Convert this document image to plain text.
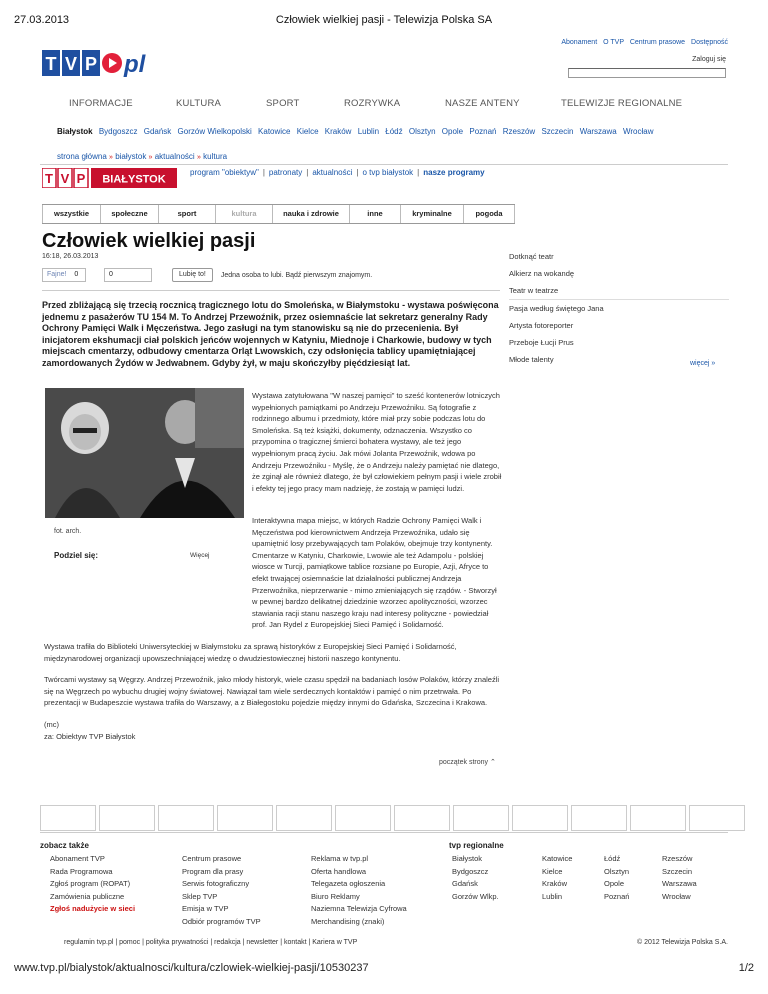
27.03.2013	Człowiek wielkiej pasji - Telewizja Polska SA
Abonament O TVP Centrum prasowe Dostępność
Zaloguj się
T V P pl
INFORMACJE	KULTURA	SPORT	ROZRYWKA	NASZE ANTENY	TELEWIZJE REGIONALNE
Białystok Bydgoszcz Gdańsk Gorzów Wielkopolski Katowice Kielce Kraków Lublin Łódź Olsztyn Opole Poznań Rzeszów Szczecin Warszawa Wrocław
strona główna » białystok » aktualności » kultura
T V P BIAŁYSTOK
program "obiektyw" | patronaty | aktualności | o tvp białystok | nasze programy
wszystkie	społeczne	sport	kultura	nauka i zdrowie	inne	kryminalne	pogoda
Człowiek wielkiej pasji
16:18, 26.03.2013
Fajne! 0	0	Lubię to!	Jedna osoba to lubi. Bądź pierwszym znajomym.
Przed zbliżającą się trzecią rocznicą tragicznego lotu do Smoleńska, w Białymstoku - wystawa poświęcona jednemu z pasażerów TU 154 M. To Andrzej Przewoźnik, przez osiemnaście lat sekretarz generalny Rady Ochrony Pamięci Walk i Męczeństwa. Jego zasługi na tym stanowisku są nie do przecenienia. Był inicjatorem ekshumacji ciał polskich jeńców wojennych w Katyniu, Miednoje i Charkowie, budowy w tych miejscach cmentarzy, odbudowy cmentarza Orląt Lwowskich, czy odsłonięcia tablicy upamiętniającej zamordowanych Żydów w Jedwabnem. Gdyby żył, w maju skończyłby pięćdziesiąt lat.
fot. arch.
Podziel się:	Więcej
Wystawa zatytułowana "W naszej pamięci" to sześć kontenerów lotniczych wypełnionych pamiątkami po Andrzeju Przewoźniku. Są fotografie z rodzinnego albumu i przedmioty, które miał przy sobie podczas lotu do Smoleńska. Są też książki, dokumenty, odznaczenia. Wszystko co przypomina o tragicznej śmierci bohatera wystawy, ale też jego wypełnionym pracą życiu. Jak mówi Jolanta Przewoźnik, wdowa po Andrzeju Przewoźniku - Myślę, że o Andrzeju należy pamiętać nie dlatego, że zginął ale również dlatego, że był człowiekiem pełnym pasji i wiele zrobił i efekty tej jego pracy mam nadzieję, że zostają w pamięci ludzi.
Interaktywna mapa miejsc, w których Radzie Ochrony Pamięci Walk i Męczeństwa pod kierownictwem Andrzeja Przewoźnika, udało się upamiętnić losy przebywających tam Polaków, obejmuje trzy kontynenty. Cmentarze w Katyniu, Charkowie, Lwowie ale też Adampolu - polskiej wiosce w Turcji, pamiątkowe tablice rozsiane po Europie, Azji, Afryce to efekt trwającej osiemnaście lat działalności publicznej Andrzeja Przerwoźnika, nieprzerwanie - mimo zmieniających się rządów. - Stworzył w pewnej bardzo delikatnej dziedzinie wzorzec apolityczności, wzorzec stawiania racji stanu naszego kraju nad interesy polityczne - powiedział prof. Jan Rydel z Europejskiej Sieci Pamięć i Solidarność.
Wystawa trafiła do Biblioteki Uniwersyteckiej w Białymstoku za sprawą historyków z Europejskiej Sieci Pamięć i Solidarność, międzynarodowej organizacji upowszechniającej wiedzę o dwudziestowiecznej historii naszego kontynentu.
Twórcami wystawy są Węgrzy. Andrzej Przewoźnik, jako młody historyk, wiele czasu spędził na badaniach losów Polaków, którzy znaleźli się na Węgrzech po wybuchu drugiej wojny światowej. Nawiązał tam wiele serdecznych kontaktów i pamięć o nim przetrwała. Po prezentacji w Budapeszcie wystawa trafiła do Warszawy, a z Białegostoku pojedzie między innymi do Gdańska, Szczecina i Krakowa.
(mc)
za: Obiektyw TVP Białystok
Dotknąć teatr
Alkierz na wokandę
Teatr w teatrze
Pasja według świętego Jana
Artysta fotoreporter
Przeboje Łucji Prus
Młode talenty	więcej »
początek strony ⌃
zobacz także	tvp regionalne
Abonament TVP
Rada Programowa
Zgłoś program (ROPAT)
Zamówienia publiczne
Zgłoś nadużycie w sieci
Centrum prasowe
Program dla prasy
Serwis fotograficzny
Sklep TVP
Emisja w TVP
Odbiór programów TVP
Reklama w tvp.pl
Oferta handlowa
Telegazeta ogłoszenia
Biuro Reklamy
Naziemna Telewizja Cyfrowa
Merchandising (znaki)
Białystok
Bydgoszcz
Gdańsk
Gorzów Wlkp.
Katowice
Kielce
Kraków
Lublin
Łódź
Olsztyn
Opole
Poznań
Rzeszów
Szczecin
Warszawa
Wrocław
regulamin tvp.pl | pomoc | polityka prywatności | redakcja | newsletter | kontakt | Kariera w TVP	© 2012 Telewizja Polska S.A.
www.tvp.pl/bialystok/aktualnosci/kultura/czlowiek-wielkiej-pasji/10530237	1/2
